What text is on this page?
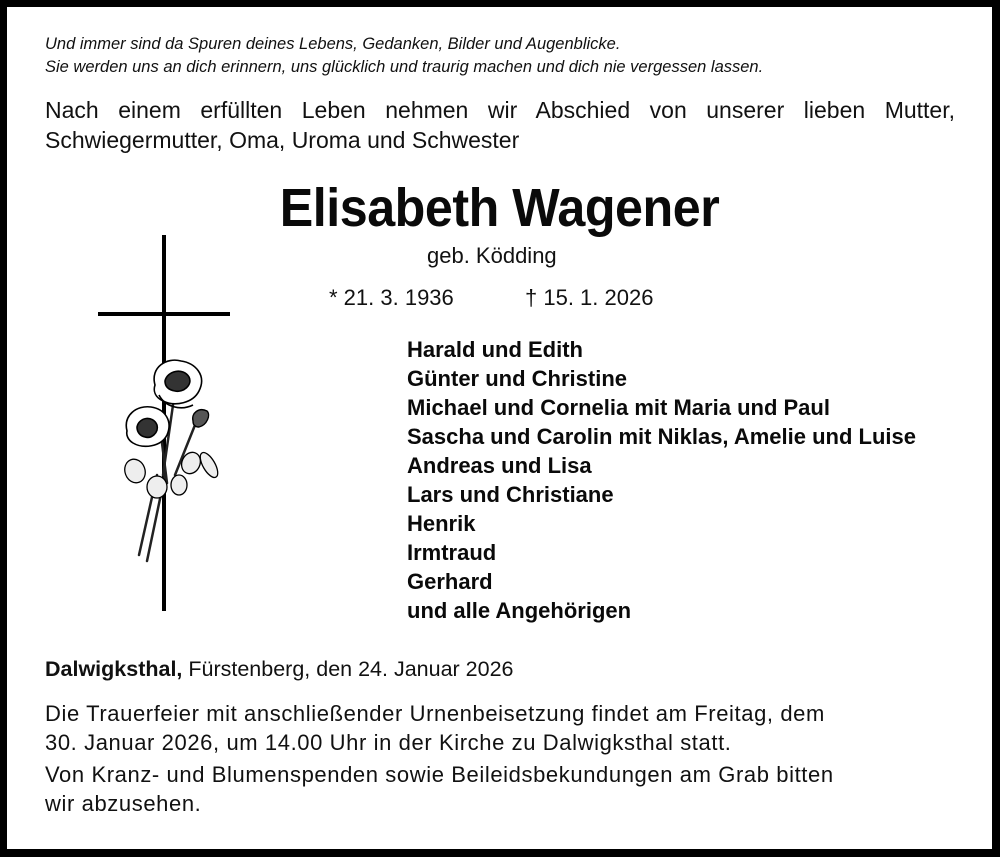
Und immer sind da Spuren deines Lebens, Gedanken, Bilder und Augenblicke.
Sie werden uns an dich erinnern, uns glücklich und traurig machen und dich nie vergessen lassen.
Nach einem erfüllten Leben nehmen wir Abschied von unserer lieben Mutter,
Schwiegermutter, Oma, Uroma und Schwester
Elisabeth Wagener
geb. Ködding
* 21. 3. 1936	† 15. 1. 2026
Harald und Edith
Günter und Christine
Michael und Cornelia mit Maria und Paul
Sascha und Carolin mit Niklas, Amelie und Luise
Andreas und Lisa
Lars und Christiane
Henrik
Irmtraud
Gerhard
und alle Angehörigen
Dalwigksthal, Fürstenberg, den 24. Januar 2026
Die Trauerfeier mit anschließender Urnenbeisetzung findet am Freitag, dem
30. Januar 2026, um 14.00 Uhr in der Kirche zu Dalwigksthal statt.
Von Kranz- und Blumenspenden sowie Beileidsbekundungen am Grab bitten
wir abzusehen.
